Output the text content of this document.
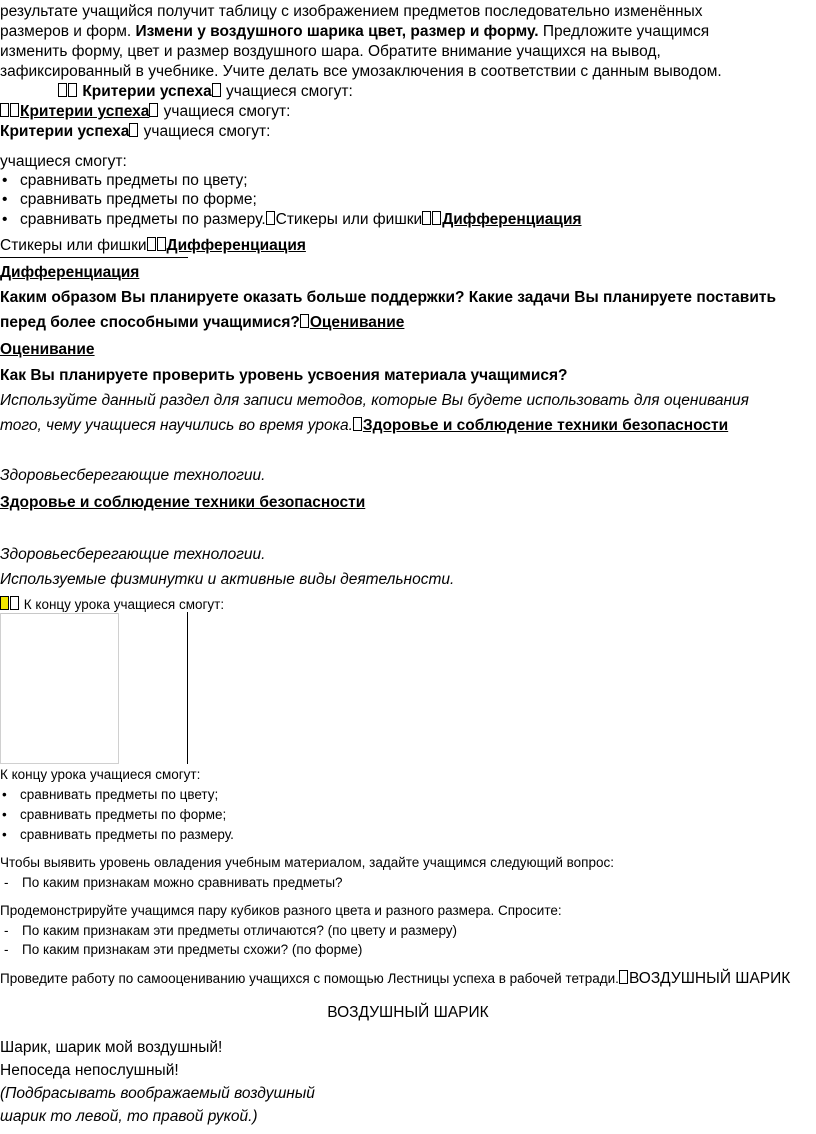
результате учащийся получит таблицу с изображением предметов последовательно изменённых
размеров и форм. Измени у воздушного шарика цвет, размер и форму. Предложите учащимся
изменить форму, цвет и размер воздушного шара. Обратите внимание учащихся на вывод,
зафиксированный в учебнике. Учите делать все умозаключения в соответствии с данным выводом.
Критерии успеха учащиеся смогут:
Критерии успеха учащиеся смогут:
Критерии успеха учащиеся смогут:
учащиеся смогут:
• сравнивать предметы по цвету;
• сравнивать предметы по форме;
• сравнивать предметы по размеру. Стикеры или фишки Дифференциация
Стикеры или фишки Дифференциация
Дифференциация
Каким образом Вы планируете оказать больше поддержки? Какие задачи Вы планируете поставить
перед более способными учащимися? Оценивание
Оценивание
Как Вы планируете проверить уровень усвоения материала учащимися?
Используйте данный раздел для записи методов, которые Вы будете использовать для оценивания
того, чему учащиеся научились во время урока. Здоровье и соблюдение техники безопасности
Здоровьесберегающие технологии.
Здоровье и соблюдение техники безопасности
Здоровьесберегающие технологии.
Используемые физминутки и активные виды деятельности.
К концу урока учащиеся смогут:
К концу урока учащиеся смогут:
• сравнивать предметы по цвету;
• сравнивать предметы по форме;
• сравнивать предметы по размеру.
Чтобы выявить уровень овладения учебным материалом, задайте учащимся следующий вопрос:
- По каким признакам можно сравнивать предметы?
Продемонстрируйте учащимся пару кубиков разного цвета и разного размера. Спросите:
- По каким признакам эти предметы отличаются? (по цвету и размеру)
- По каким признакам эти предметы схожи? (по форме)
Проведите работу по самооцениванию учащихся с помощью Лестницы успеха в рабочей тетради. ВОЗДУШНЫЙ ШАРИК
ВОЗДУШНЫЙ ШАРИК
Шарик, шарик мой воздушный!
Непоседа непослушный!
(Подбрасывать воображаемый воздушный
шарик то левой, то правой рукой.)
